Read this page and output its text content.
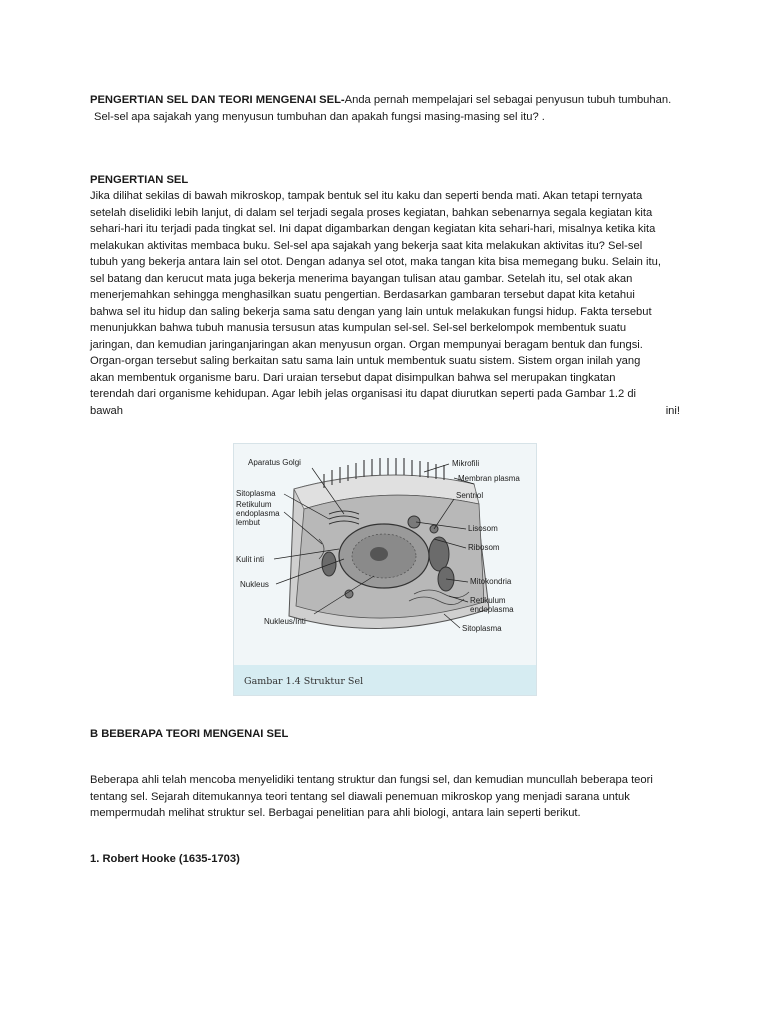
PENGERTIAN SEL DAN TEORI MENGENAI SEL-Anda pernah mempelajari sel sebagai penyusun tubuh tumbuhan.
Sel-sel apa sajakah yang menyusun tumbuhan dan apakah fungsi masing-masing sel itu? .
PENGERTIAN SEL
Jika dilihat sekilas di bawah mikroskop, tampak bentuk sel itu kaku dan seperti benda mati. Akan tetapi ternyata
setelah diselidiki lebih lanjut, di dalam sel terjadi segala proses kegiatan, bahkan sebenarnya segala kegiatan kita
sehari-hari itu terjadi pada tingkat sel. Ini dapat digambarkan dengan kegiatan kita sehari-hari, misalnya ketika kita
melakukan aktivitas membaca buku. Sel-sel apa sajakah yang bekerja saat kita melakukan aktivitas itu? Sel-sel
tubuh yang bekerja antara lain sel otot. Dengan adanya sel otot, maka tangan kita bisa memegang buku. Selain itu,
sel batang dan kerucut mata juga bekerja menerima bayangan tulisan atau gambar. Setelah itu, sel otak akan
menerjemahkan sehingga menghasilkan suatu pengertian. Berdasarkan gambaran tersebut dapat kita ketahui
bahwa sel itu hidup dan saling bekerja sama satu dengan yang lain untuk melakukan fungsi hidup. Fakta tersebut
menunjukkan bahwa tubuh manusia tersusun atas kumpulan sel-sel. Sel-sel berkelompok membentuk suatu
jaringan, dan kemudian jaringanjaringan akan menyusun organ. Organ mempunyai beragam bentuk dan fungsi.
Organ-organ tersebut saling berkaitan satu sama lain untuk membentuk suatu sistem. Sistem organ inilah yang
akan membentuk organisme baru. Dari uraian tersebut dapat disimpulkan bahwa sel merupakan tingkatan
terendah dari organisme kehidupan. Agar lebih jelas organisasi itu dapat diurutkan seperti pada Gambar 1.2 di
bawah	ini!
Aparatus Golgi	Mikrofili
Membran plasma
Sitoplasma
Retikulum
endoplasma
lembut
Sentriol
Lisosom
Ribosom
Kulit inti
Nukleus	Mitokondria
Retikulum
endoplasma
Nukleus/Inti
Sitoplasma
Gambar 1.4 Struktur Sel
B BEBERAPA TEORI MENGENAI SEL
Beberapa ahli telah mencoba menyelidiki tentang struktur dan fungsi sel, dan kemudian muncullah beberapa teori
tentang sel. Sejarah ditemukannya teori tentang sel diawali penemuan mikroskop yang menjadi sarana untuk
mempermudah melihat struktur sel. Berbagai penelitian para ahli biologi, antara lain seperti berikut.
1. Robert Hooke (1635-1703)
